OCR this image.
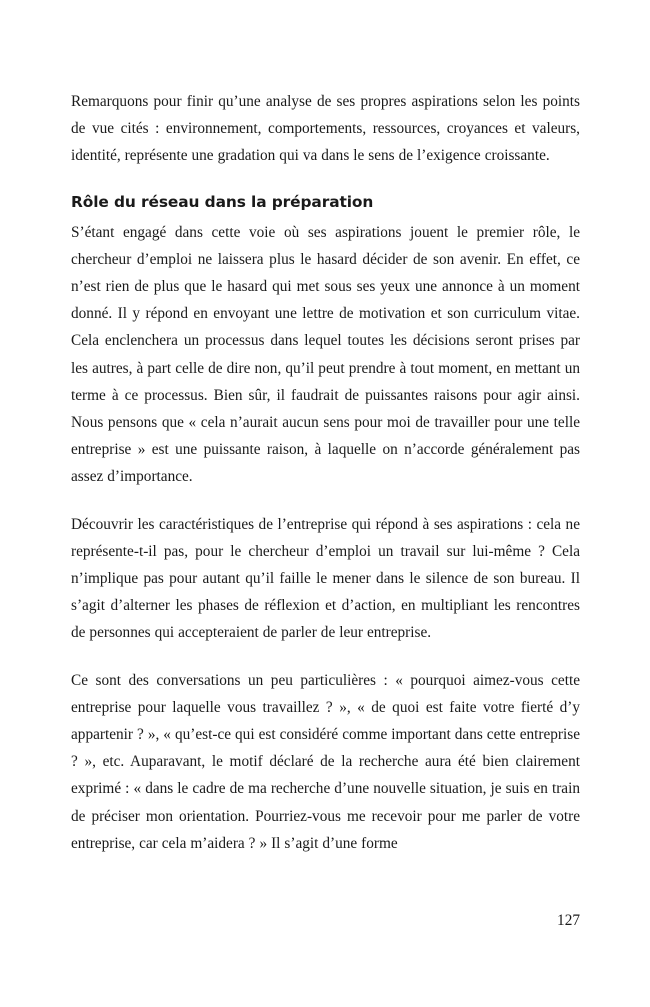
Remarquons pour finir qu’une analyse de ses propres aspirations selon les points de vue cités : environnement, comportements, ressources, croyances et valeurs, identité, représente une gradation qui va dans le sens de l’exigence croissante.

Rôle du réseau dans la préparation

S’étant engagé dans cette voie où ses aspirations jouent le premier rôle, le chercheur d’emploi ne laissera plus le hasard décider de son avenir. En effet, ce n’est rien de plus que le hasard qui met sous ses yeux une annonce à un moment donné. Il y répond en envoyant une lettre de motivation et son curriculum vitae. Cela enclenchera un processus dans lequel toutes les décisions seront prises par les autres, à part celle de dire non, qu’il peut prendre à tout moment, en mettant un terme à ce processus. Bien sûr, il faudrait de puissantes raisons pour agir ainsi. Nous pensons que « cela n’aurait aucun sens pour moi de travailler pour une telle entreprise » est une puissante raison, à laquelle on n’accorde généralement pas assez d’importance.

Découvrir les caractéristiques de l’entreprise qui répond à ses aspirations : cela ne représente-t-il pas, pour le chercheur d’emploi un travail sur lui-même ? Cela n’implique pas pour autant qu’il faille le mener dans le silence de son bureau. Il s’agit d’alterner les phases de réflexion et d’action, en multipliant les rencontres de personnes qui accepteraient de parler de leur entreprise.

Ce sont des conversations un peu particulières : « pourquoi aimez-vous cette entreprise pour laquelle vous travaillez ? », « de quoi est faite votre fierté d’y appartenir ? », « qu’est-ce qui est considéré comme important dans cette entreprise ? », etc. Auparavant, le motif déclaré de la recherche aura été bien clairement exprimé : « dans le cadre de ma recherche d’une nouvelle situation, je suis en train de préciser mon orientation. Pourriez-vous me recevoir pour me parler de votre entreprise, car cela m’aidera ? » Il s’agit d’une forme

127
